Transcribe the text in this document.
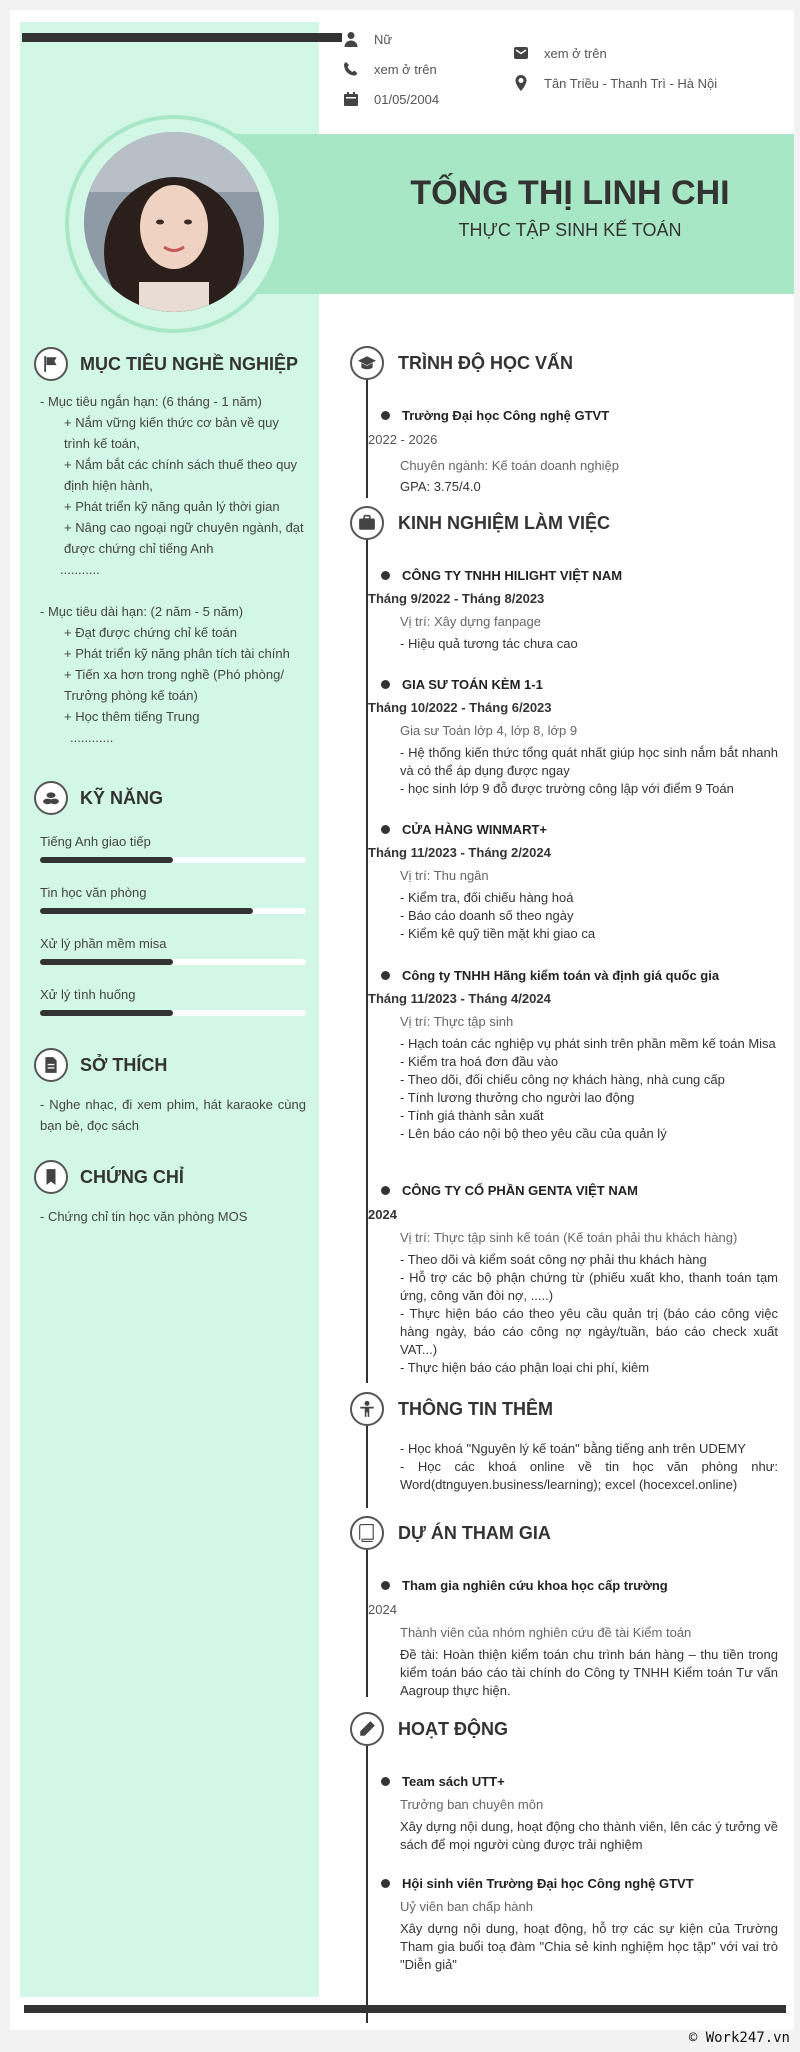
Nữ
xem ở trên
01/05/2004
xem ở trên
Tân Triều - Thanh Trì - Hà Nội
TỐNG THỊ LINH CHI
THỰC TẬP SINH KẾ TOÁN
MỤC TIÊU NGHỀ NGHIỆP
- Mục tiêu ngắn hạn: (6 tháng - 1 năm)
+ Nắm vững kiến thức cơ bản về quy trình kế toán,
+ Nắm bắt các chính sách thuế theo quy định hiện hành,
+ Phát triển kỹ năng quản lý thời gian
+ Nâng cao ngoại ngữ chuyên ngành, đạt được chứng chỉ tiếng Anh
...........
- Mục tiêu dài hạn: (2 năm - 5 năm)
+ Đạt được chứng chỉ kế toán
+ Phát triển kỹ năng phân tích tài chính
+ Tiến xa hơn trong nghề (Phó phòng/ Trưởng phòng kế toán)
+ Học thêm tiếng Trung
............
KỸ NĂNG
Tiếng Anh giao tiếp
Tin học văn phòng
Xử lý phần mềm misa
Xử lý tình huống
SỞ THÍCH
- Nghe nhạc, đi xem phim, hát karaoke cùng bạn bè, đọc sách
CHỨNG CHỈ
- Chứng chỉ tin học văn phòng MOS
TRÌNH ĐỘ HỌC VẤN
Trường Đại học Công nghệ GTVT
2022 - 2026
Chuyên ngành: Kế toán doanh nghiệp
GPA: 3.75/4.0
KINH NGHIỆM LÀM VIỆC
CÔNG TY TNHH HILIGHT VIỆT NAM
Tháng 9/2022 - Tháng 8/2023
Vị trí: Xây dựng fanpage
- Hiệu quả tương tác chưa cao
GIA SƯ TOÁN KÈM 1-1
Tháng 10/2022 - Tháng 6/2023
Gia sư Toán lớp 4, lớp 8, lớp 9
- Hệ thống kiến thức tổng quát nhất giúp học sinh nắm bắt nhanh và có thể áp dụng được ngay
- học sinh lớp 9 đỗ được trường công lập với điểm 9 Toán
CỬA HÀNG WINMART+
Tháng 11/2023 - Tháng 2/2024
Vị trí: Thu ngân
- Kiểm tra, đối chiếu hàng hoá
- Báo cáo doanh số theo ngày
- Kiểm kê quỹ tiền mặt khi giao ca
Công ty TNHH Hãng kiểm toán và định giá quốc gia
Tháng 11/2023 - Tháng 4/2024
Vị trí: Thực tập sinh
- Hạch toán các nghiệp vụ phát sinh trên phần mềm kế toán Misa
- Kiểm tra hoá đơn đầu vào
- Theo dõi, đối chiếu công nợ khách hàng, nhà cung cấp
- Tính lương thưởng cho người lao động
- Tính giá thành sản xuất
- Lên báo cáo nội bộ theo yêu cầu của quản lý
CÔNG TY CỔ PHẦN GENTA VIỆT NAM
2024
Vị trí: Thực tập sinh kế toán (Kế toán phải thu khách hàng)
- Theo dõi và kiểm soát công nợ phải thu khách hàng
- Hỗ trợ các bộ phận chứng từ (phiếu xuất kho, thanh toán tạm ứng, công văn đòi nợ, .....)
- Thực hiện báo cáo theo yêu cầu quản trị (báo cáo công việc hàng ngày, báo cáo công nợ ngày/tuần, báo cáo check xuất VAT...)
- Thực hiện báo cáo phận loại chi phí, kiêm
THÔNG TIN THÊM
- Học khoá "Nguyên lý kế toán" bằng tiếng anh trên UDEMY
- Học các khoá online về tin học văn phòng như: Word(dtnguyen.business/learning); excel (hocexcel.online)
DỰ ÁN THAM GIA
Tham gia nghiên cứu khoa học cấp trường
2024
Thành viên của nhóm nghiên cứu đề tài Kiểm toán
Đề tài: Hoàn thiện kiểm toán chu trình bán hàng – thu tiền trong kiểm toán báo cáo tài chính do Công ty TNHH Kiểm toán Tư vấn Aagroup thực hiện.
HOẠT ĐỘNG
Team sách UTT+
Trưởng ban chuyên môn
Xây dựng nội dung, hoạt động cho thành viên, lên các ý tưởng về sách để mọi người cùng được trải nghiệm
Hội sinh viên Trường Đại học Công nghệ GTVT
Uỷ viên ban chấp hành
Xây dựng nội dung, hoạt động, hỗ trợ các sự kiện của Trường Tham gia buổi toạ đàm "Chia sẻ kinh nghiệm học tập" với vai trò "Diễn giả"
© Work247.vn
